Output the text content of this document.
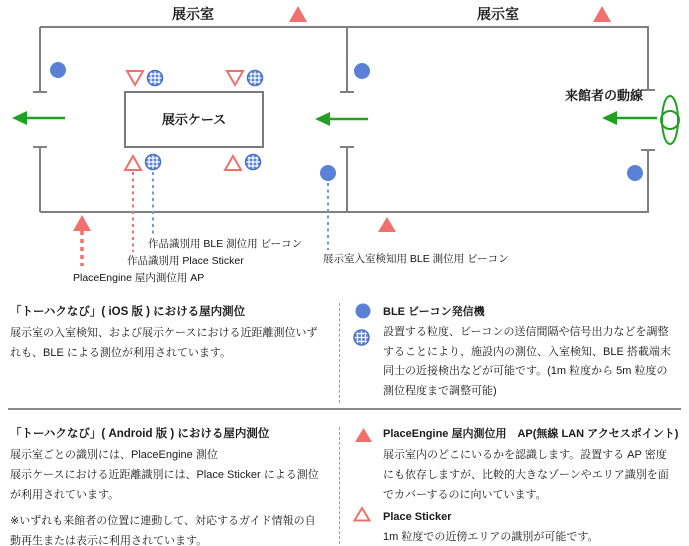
展示室	展示室
展示ケース
来館者の動線
作品識別用 BLE 測位用 ビーコン
作品識別用 Place Sticker
PlaceEngine 屋内測位用 AP
展示室入室検知用 BLE 測位用 ビーコン
「トーハクなび」( iOS 版 ) における屋内測位
展示室の入室検知、および展示ケースにおける近距離測位いず
れも、BLE による測位が利用されています。
BLE ビーコン発信機
設置する粒度、ビーコンの送信間隔や信号出力などを調整
することにより、施設内の測位、入室検知、BLE 搭載端末
同士の近接検出などが可能です。(1m 粒度から 5m 粒度の
測位程度まで調整可能)
「トーハクなび」( Android 版 ) における屋内測位
展示室ごとの識別には、PlaceEngine 測位
展示ケースにおける近距離識別には、Place Sticker による測位
が利用されています。
※いずれも来館者の位置に連動して、対応するガイド情報の自
動再生または表示に利用されています。
PlaceEngine 屋内測位用　AP(無線 LAN アクセスポイント)
展示室内のどこにいるかを認識します。設置する AP 密度
にも依存しますが、比較的大きなゾーンやエリア識別を面
でカバーするのに向いています。
Place Sticker
1m 粒度での近傍エリアの識別が可能です。
